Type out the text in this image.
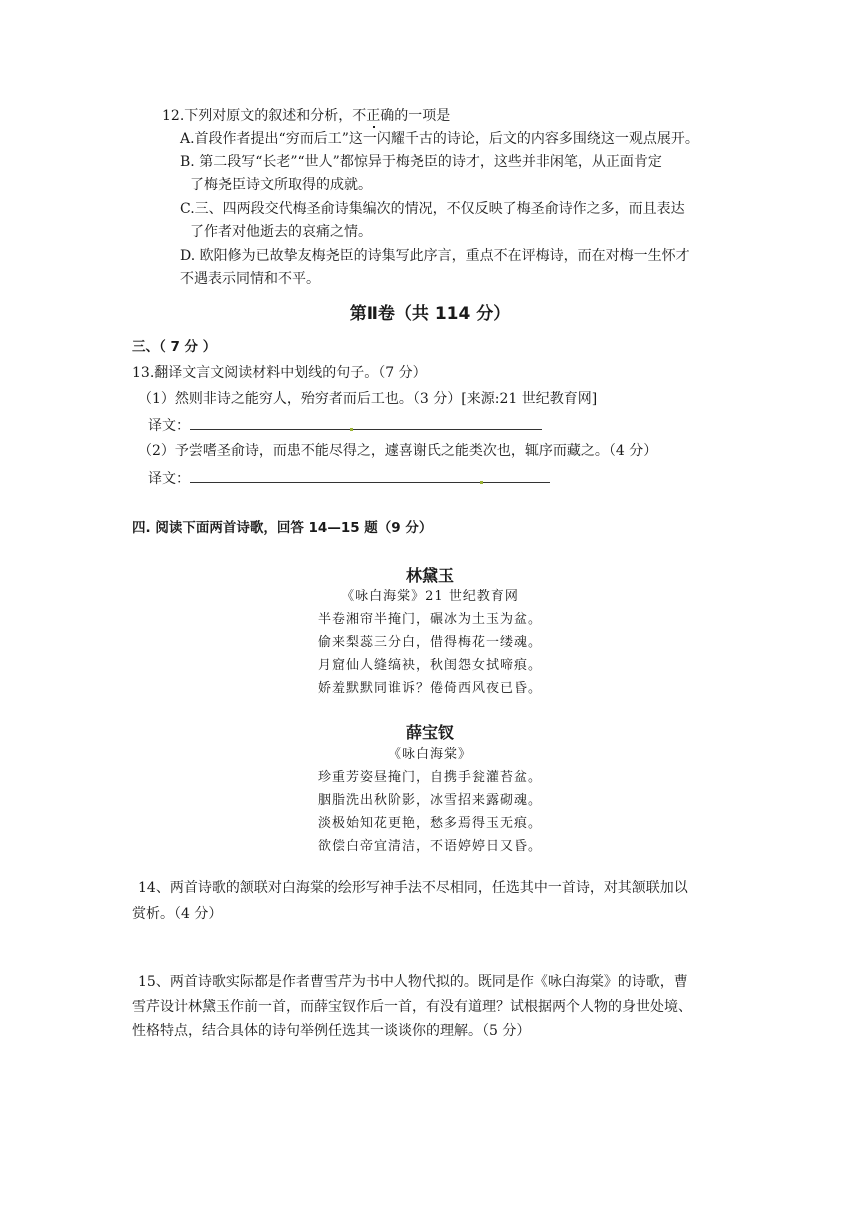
12.下列对原文的叙述和分析，不正确的一项是
A.首段作者提出“穷而后工”这一闪耀千古的诗论，后文的内容多围绕这一观点展开。
B. 第二段写“长老”“世人”都惊异于梅尧臣的诗才，这些并非闲笔，从正面肯定
了梅尧臣诗文所取得的成就。
C.三、四两段交代梅圣俞诗集编次的情况，不仅反映了梅圣俞诗作之多，而且表达
了作者对他逝去的哀痛之情。
D. 欧阳修为已故挚友梅尧臣的诗集写此序言，重点不在评梅诗，而在对梅一生怀才
不遇表示同情和不平。
第Ⅱ卷（共 114 分）
三、（ 7 分 ）
13.翻译文言文阅读材料中划线的句子。（7 分）
（1）然则非诗之能穷人，殆穷者而后工也。（3 分）[来源:21 世纪教育网]
译文：
（2）予尝嗜圣俞诗，而患不能尽得之，遽喜谢氏之能类次也，辄序而藏之。（4 分）
译文：
四. 阅读下面两首诗歌，回答 14—15 题（9 分）
林黛玉
《咏白海棠》21 世纪教育网
半卷湘帘半掩门，碾冰为土玉为盆。
偷来梨蕊三分白，借得梅花一缕魂。
月窟仙人缝缟袂，秋闺怨女拭啼痕。
娇羞默默同谁诉？倦倚西风夜已昏。
薛宝钗
《咏白海棠》
珍重芳姿昼掩门，自携手瓮灌苔盆。
胭脂洗出秋阶影，冰雪招来露砌魂。
淡极始知花更艳，愁多焉得玉无痕。
欲偿白帝宜清洁，不语婷婷日又昏。
14、两首诗歌的颔联对白海棠的绘形写神手法不尽相同，任选其中一首诗，对其颔联加以
赏析。（4 分）
15、两首诗歌实际都是作者曹雪芹为书中人物代拟的。既同是作《咏白海棠》的诗歌，曹
雪芹设计林黛玉作前一首，而薛宝钗作后一首，有没有道理？试根据两个人物的身世处境、
性格特点，结合具体的诗句举例任选其一谈谈你的理解。（5 分）
